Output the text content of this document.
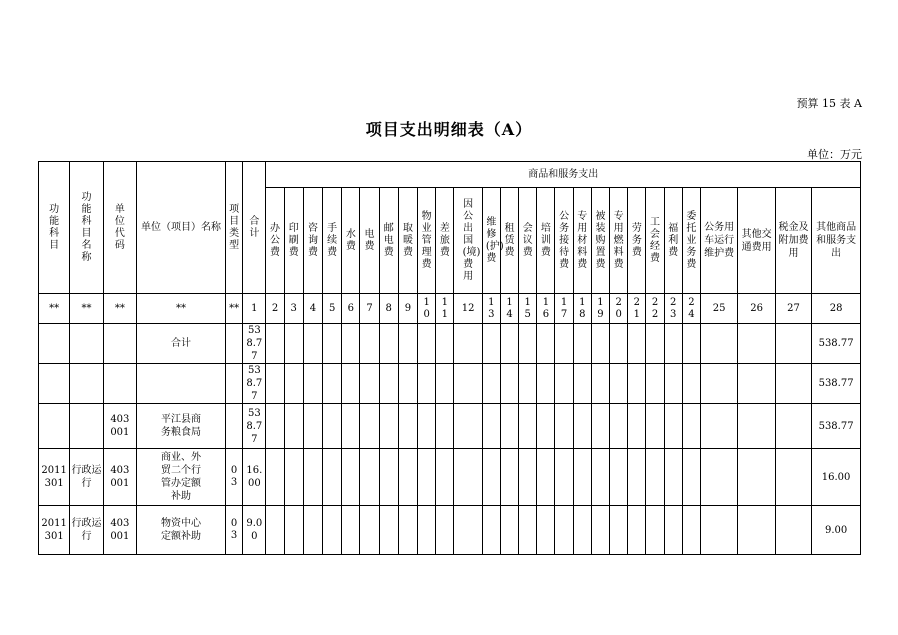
预算 15 表 A
项目支出明细表（A）
单位：万元
功能科目	功能科目名称	单位代码	单位（项目）名称	项目类型	合计	商品和服务支出																										
						办公费	印刷费	咨询费	手续费	水费	电费	邮电费	取暖费	物业管理费	差旅费	因公出国(境)费用	维修(护)费	租赁费	会议费	培训费	公务接待费	专用材料费	被装购置费	专用燃料费	劳务费	工会经费	福利费	委托业务费	公务用车运行维护费	其他交通费用	税金及附加费用	其他商品和服务支出
**	**	**	**	**	1	2	3	4	5	6	7	8	9	10	11	12	13	14	15	16	17	18	19	20	21	22	23	24	25	26	27	28
			合计		538.77																											538.77
					538.77																											538.77
		403001	平江县商务粮食局		538.77																											538.77
2011301	行政运行	403001	商业、外贸二个行管办定额补助	03	16.00																											16.00
2011301	行政运行	403001	物资中心定额补助	03	9.00																											9.00
